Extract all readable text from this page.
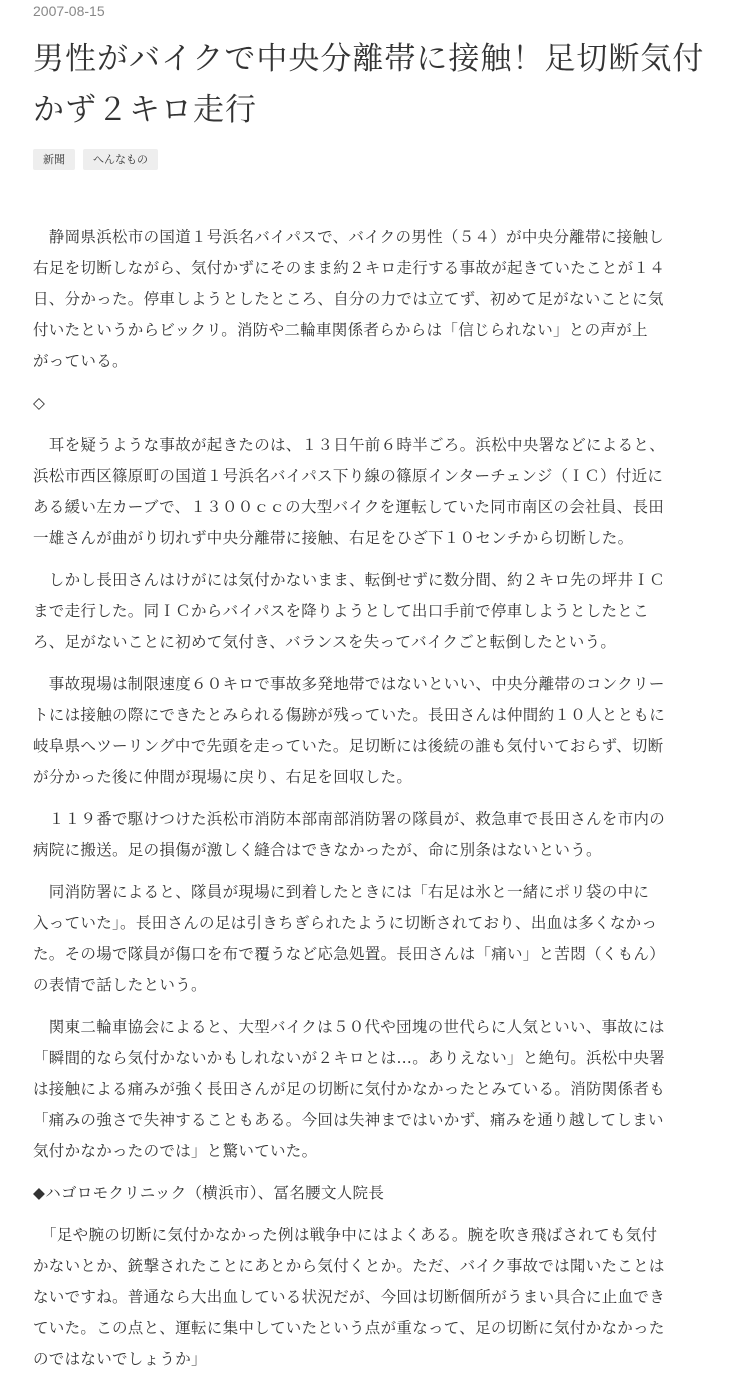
2007-08-15
男性がバイクで中央分離帯に接触！足切断気付
かず２キロ走行
新聞	へんなもの
　静岡県浜松市の国道１号浜名バイパスで、バイクの男性（５４）が中央分離帯に接触し
右足を切断しながら、気付かずにそのまま約２キロ走行する事故が起きていたことが１４
日、分かった。停車しようとしたところ、自分の力では立てず、初めて足がないことに気
付いたというからビックリ。消防や二輪車関係者らからは「信じられない」との声が上
がっている。
◇
　耳を疑うような事故が起きたのは、１３日午前６時半ごろ。浜松中央署などによると、
浜松市西区篠原町の国道１号浜名バイパス下り線の篠原インターチェンジ（ＩＣ）付近に
ある緩い左カーブで、１３００ｃｃの大型バイクを運転していた同市南区の会社員、長田
一雄さんが曲がり切れず中央分離帯に接触、右足をひざ下１０センチから切断した。
　しかし長田さんはけがには気付かないまま、転倒せずに数分間、約２キロ先の坪井ＩＣ
まで走行した。同ＩＣからバイパスを降りようとして出口手前で停車しようとしたとこ
ろ、足がないことに初めて気付き、バランスを失ってバイクごと転倒したという。
　事故現場は制限速度６０キロで事故多発地帯ではないといい、中央分離帯のコンクリー
トには接触の際にできたとみられる傷跡が残っていた。長田さんは仲間約１０人とともに
岐阜県へツーリング中で先頭を走っていた。足切断には後続の誰も気付いておらず、切断
が分かった後に仲間が現場に戻り、右足を回収した。
　１１９番で駆けつけた浜松市消防本部南部消防署の隊員が、救急車で長田さんを市内の
病院に搬送。足の損傷が激しく縫合はできなかったが、命に別条はないという。
　同消防署によると、隊員が現場に到着したときには「右足は氷と一緒にポリ袋の中に
入っていた」。長田さんの足は引きちぎられたように切断されており、出血は多くなかっ
た。その場で隊員が傷口を布で覆うなど応急処置。長田さんは「痛い」と苦悶（くもん）
の表情で話したという。
　関東二輪車協会によると、大型バイクは５０代や団塊の世代らに人気といい、事故には
「瞬間的なら気付かないかもしれないが２キロとは…。ありえない」と絶句。浜松中央署
は接触による痛みが強く長田さんが足の切断に気付かなかったとみている。消防関係者も
「痛みの強さで失神することもある。今回は失神まではいかず、痛みを通り越してしまい
気付かなかったのでは」と驚いていた。
◆ハゴロモクリニック（横浜市）、冨名腰文人院長
　「足や腕の切断に気付かなかった例は戦争中にはよくある。腕を吹き飛ばされても気付
かないとか、銃撃されたことにあとから気付くとか。ただ、バイク事故では聞いたことは
ないですね。普通なら大出血している状況だが、今回は切断個所がうまい具合に止血でき
ていた。この点と、運転に集中していたという点が重なって、足の切断に気付かなかった
のではないでしょうか」
